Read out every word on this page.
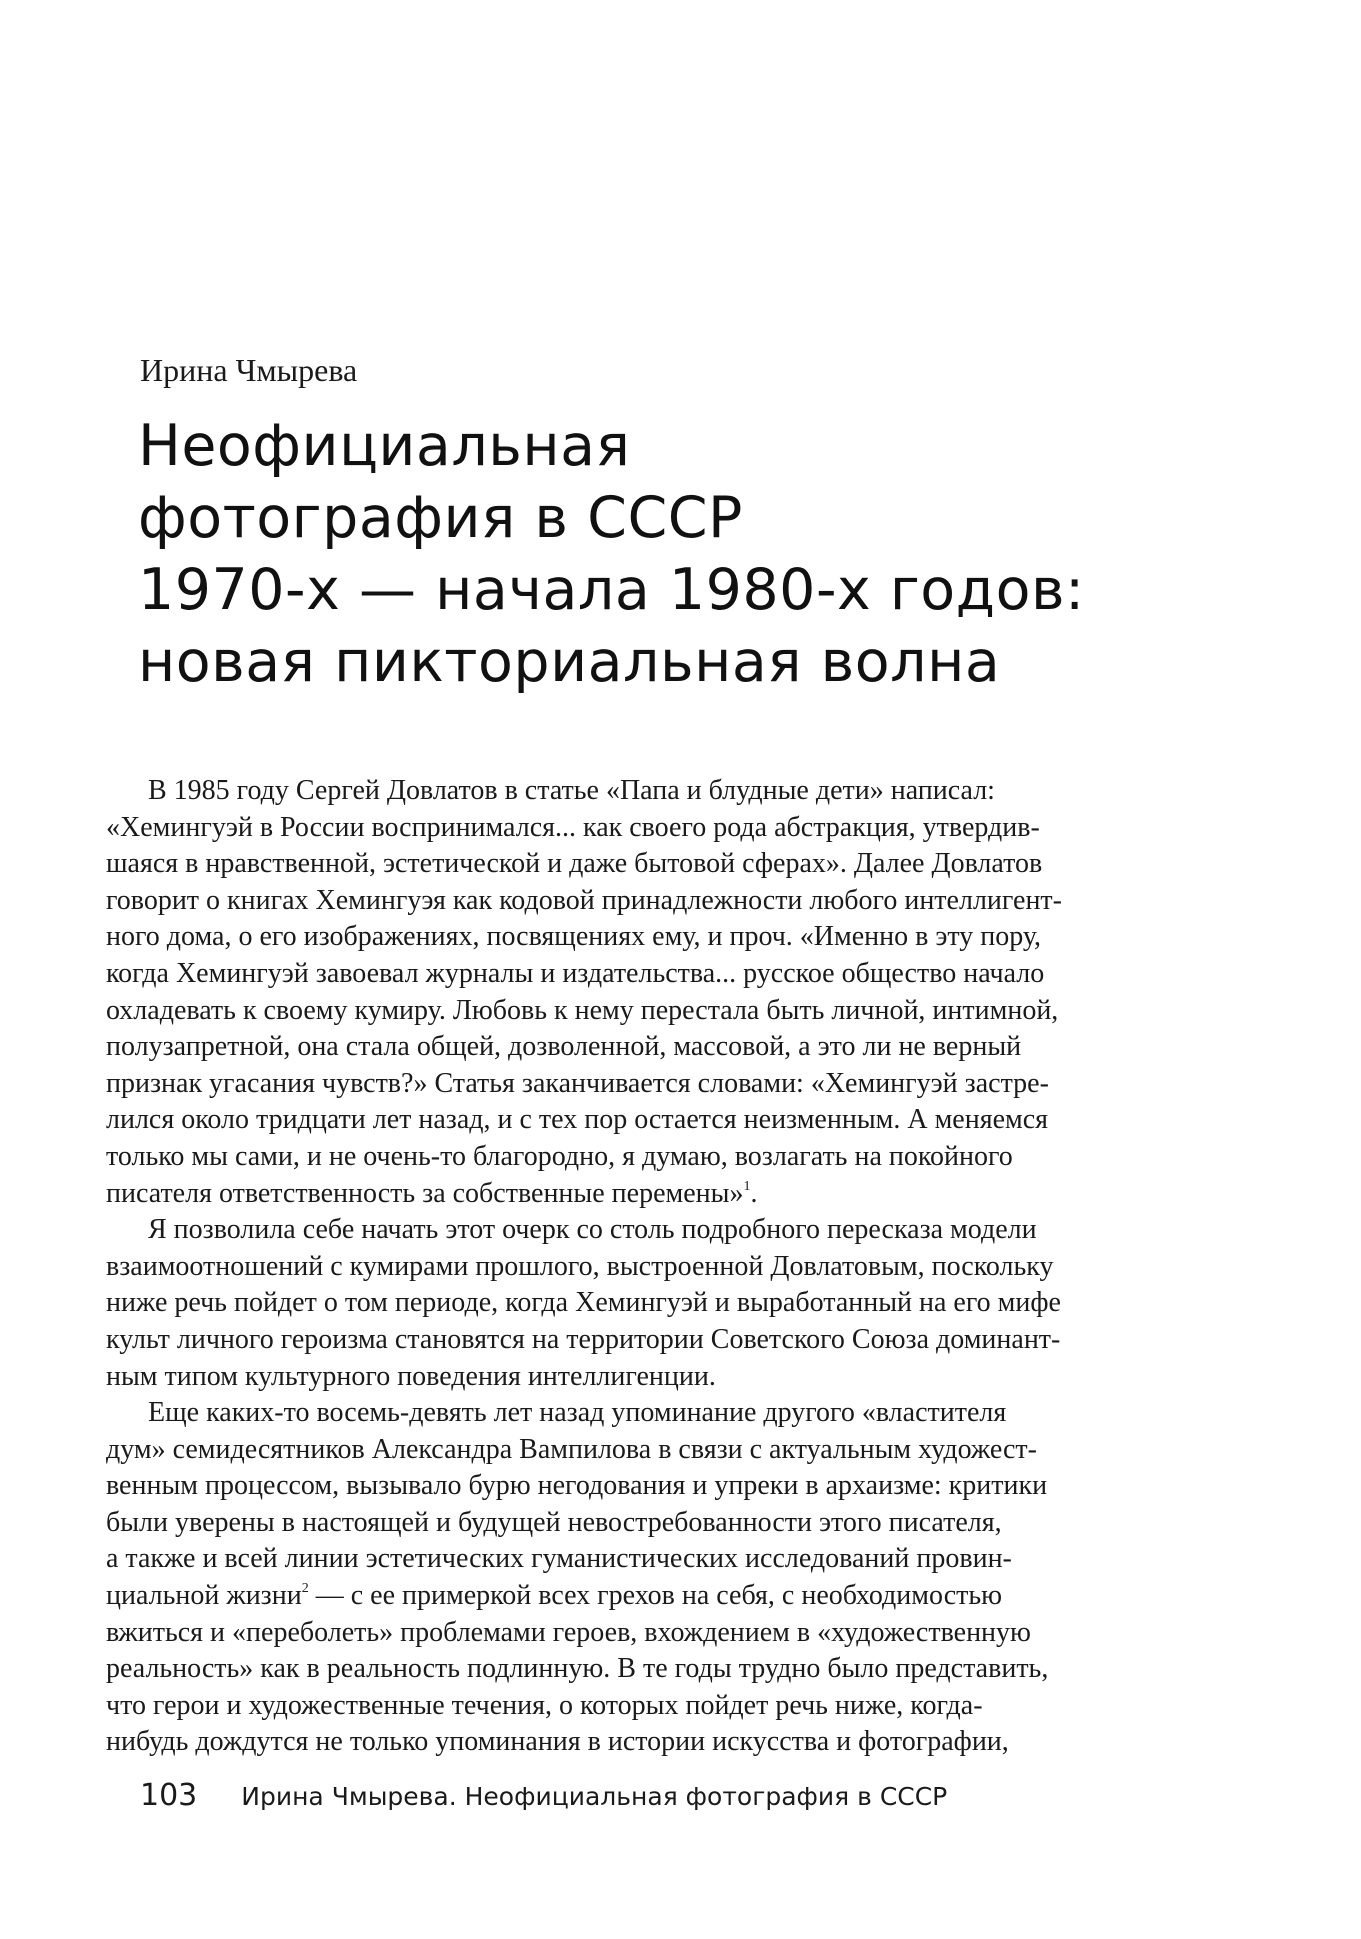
Ирина Чмырева

Неофициальная
фотография в СССР
1970-х — начала 1980-х годов:
новая пикториальная волна

В 1985 году Сергей Довлатов в статье «Папа и блудные дети» написал:
«Хемингуэй в России воспринимался... как своего рода абстракция, утвердив-
шаяся в нравственной, эстетической и даже бытовой сферах». Далее Довлатов
говорит о книгах Хемингуэя как кодовой принадлежности любого интеллигент-
ного дома, о его изображениях, посвящениях ему, и проч. «Именно в эту пору,
когда Хемингуэй завоевал журналы и издательства... русское общество начало
охладевать к своему кумиру. Любовь к нему перестала быть личной, интимной,
полузапретной, она стала общей, дозволенной, массовой, а это ли не верный
признак угасания чувств?» Статья заканчивается словами: «Хемингуэй застре-
лился около тридцати лет назад, и с тех пор остается неизменным. А меняемся
только мы сами, и не очень-то благородно, я думаю, возлагать на покойного
писателя ответственность за собственные перемены»$^1$.

Я позволила себе начать этот очерк со столь подробного пересказа модели
взаимоотношений с кумирами прошлого, выстроенной Довлатовым, поскольку
ниже речь пойдет о том периоде, когда Хемингуэй и выработанный на его мифе
культ личного героизма становятся на территории Советского Союза доминант-
ным типом культурного поведения интеллигенции.

Еще каких-то восемь-девять лет назад упоминание другого «властителя
дум» семидесятников Александра Вампилова в связи с актуальным художест-
венным процессом, вызывало бурю негодования и упреки в архаизме: критики
были уверены в настоящей и будущей невостребованности этого писателя,
а также и всей линии эстетических гуманистических исследований провин-
циальной жизни$^2$ — с ее примеркой всех грехов на себя, с необходимостью
вжиться и «переболеть» проблемами героев, вхождением в «художественную
реальность» как в реальность подлинную. В те годы трудно было представить,
что герои и художественные течения, о которых пойдет речь ниже, когда-
нибудь дождутся не только упоминания в истории искусства и фотографии,

103 Ирина Чмырева. Неофициальная фотография в СССР
